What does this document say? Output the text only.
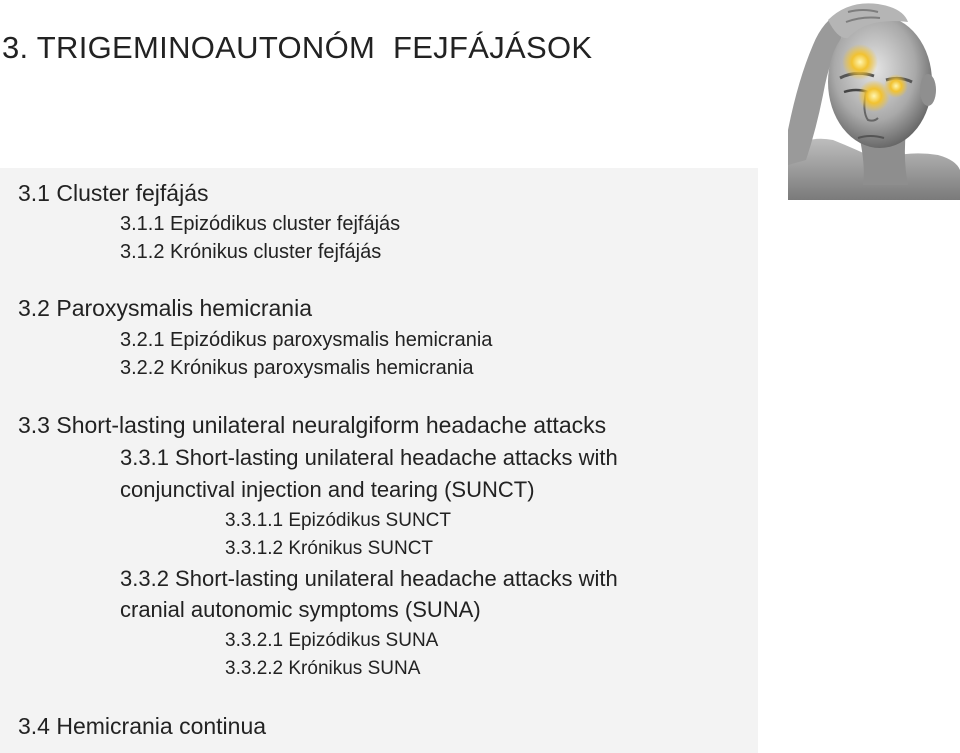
3. TRIGEMINOAUTONÓM  FEJFÁJÁSOK
3.1 Cluster fejfájás
3.1.1 Epizódikus cluster fejfájás
3.1.2 Krónikus cluster fejfájás
3.2 Paroxysmalis hemicrania
3.2.1 Epizódikus paroxysmalis hemicrania
3.2.2 Krónikus paroxysmalis hemicrania
3.3 Short-lasting unilateral neuralgiform headache attacks
3.3.1 Short-lasting unilateral headache attacks with
conjunctival injection and tearing (SUNCT)
3.3.1.1 Epizódikus SUNCT
3.3.1.2 Krónikus SUNCT
3.3.2 Short-lasting unilateral headache attacks with
cranial autonomic symptoms (SUNA)
3.3.2.1 Epizódikus SUNA
3.3.2.2 Krónikus SUNA
3.4 Hemicrania continua
